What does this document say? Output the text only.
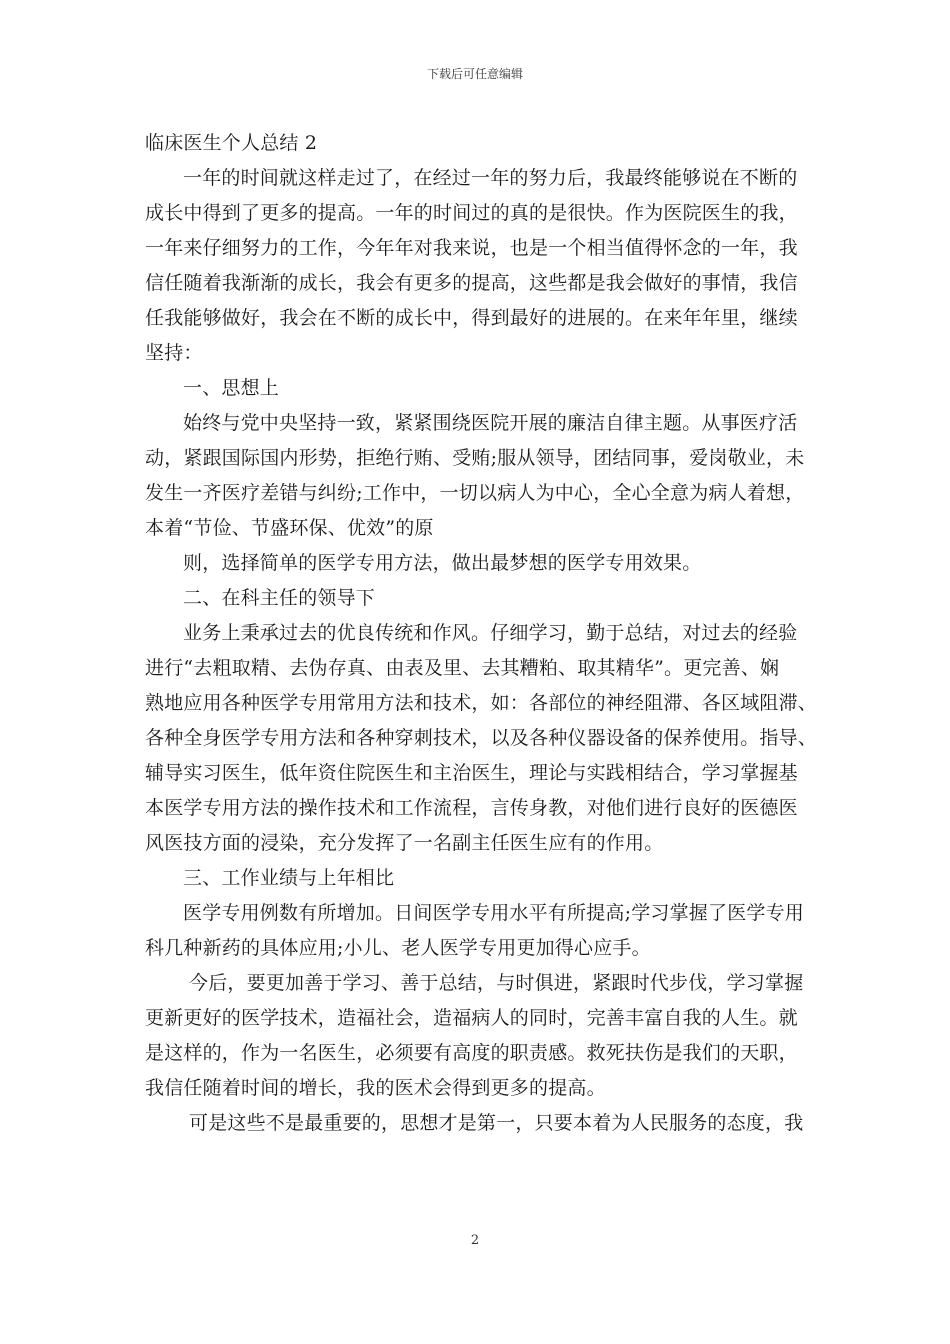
下载后可任意编辑
临床医生个人总结 2
一年的时间就这样走过了，在经过一年的努力后，我最终能够说在不断的
成长中得到了更多的提高。一年的时间过的真的是很快。作为医院医生的我，
一年来仔细努力的工作，今年年对我来说，也是一个相当值得怀念的一年，我
信任随着我渐渐的成长，我会有更多的提高，这些都是我会做好的事情，我信
任我能够做好，我会在不断的成长中，得到最好的进展的。在来年年里，继续
坚持：
一、思想上
始终与党中央坚持一致，紧紧围绕医院开展的廉洁自律主题。从事医疗活
动，紧跟国际国内形势，拒绝行贿、受贿;服从领导，团结同事，爱岗敬业，未
发生一齐医疗差错与纠纷;工作中，一切以病人为中心，全心全意为病人着想，
本着“节俭、节盛环保、优效”的原
则，选择简单的医学专用方法，做出最梦想的医学专用效果。
二、在科主任的领导下
业务上秉承过去的优良传统和作风。仔细学习，勤于总结，对过去的经验
进行“去粗取精、去伪存真、由表及里、去其糟粕、取其精华”。更完善、娴
熟地应用各种医学专用常用方法和技术，如：各部位的神经阻滞、各区域阻滞、
各种全身医学专用方法和各种穿刺技术，以及各种仪器设备的保养使用。指导、
辅导实习医生，低年资住院医生和主治医生，理论与实践相结合，学习掌握基
本医学专用方法的操作技术和工作流程，言传身教，对他们进行良好的医德医
风医技方面的浸染，充分发挥了一名副主任医生应有的作用。
三、工作业绩与上年相比
医学专用例数有所增加。日间医学专用水平有所提高;学习掌握了医学专用
科几种新药的具体应用;小儿、老人医学专用更加得心应手。
今后，要更加善于学习、善于总结，与时俱进，紧跟时代步伐，学习掌握
更新更好的医学技术，造福社会，造福病人的同时，完善丰富自我的人生。就
是这样的，作为一名医生，必须要有高度的职责感。救死扶伤是我们的天职，
我信任随着时间的增长，我的医术会得到更多的提高。
可是这些不是最重要的，思想才是第一，只要本着为人民服务的态度，我
2
